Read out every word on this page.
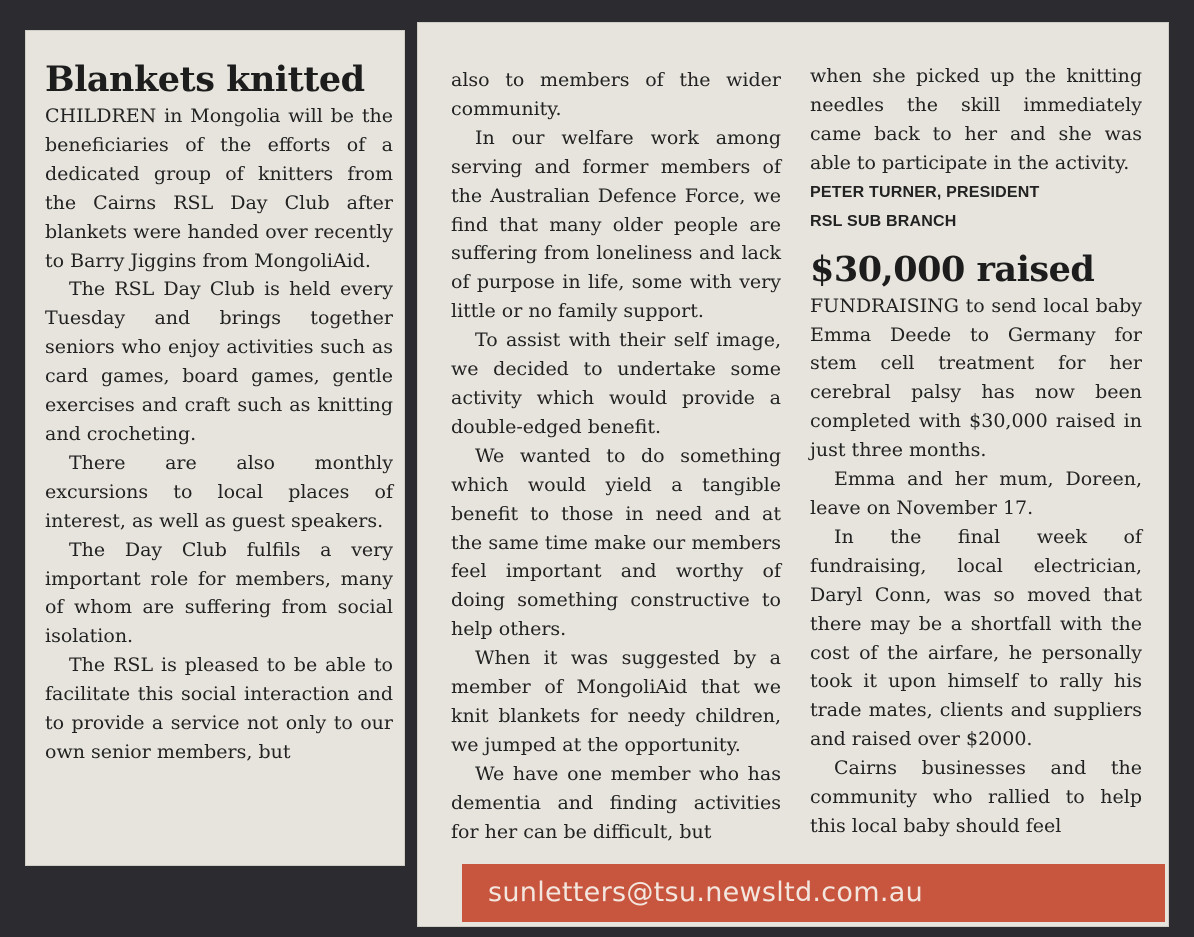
Blankets knitted

CHILDREN in Mongolia will be the beneficiaries of the efforts of a dedicated group of knitters from the Cairns RSL Day Club after blankets were handed over recently to Barry Jiggins from MongoliAid.

The RSL Day Club is held every Tuesday and brings together seniors who enjoy activities such as card games, board games, gentle exercises and craft such as knitting and crocheting.

There are also monthly excursions to local places of interest, as well as guest speakers.

The Day Club fulfils a very important role for members, many of whom are suffering from social isolation.

The RSL is pleased to be able to facilitate this social interaction and to provide a service not only to our own senior members, but

also to members of the wider community.

In our welfare work among serving and former members of the Australian Defence Force, we find that many older people are suffering from loneliness and lack of purpose in life, some with very little or no family support.

To assist with their self image, we decided to undertake some activity which would provide a double-edged benefit.

We wanted to do something which would yield a tangible benefit to those in need and at the same time make our members feel important and worthy of doing something constructive to help others.

When it was suggested by a member of MongoliAid that we knit blankets for needy children, we jumped at the opportunity.

We have one member who has dementia and finding activities for her can be difficult, but

when she picked up the knitting needles the skill immediately came back to her and she was able to participate in the activity.

PETER TURNER, PRESIDENT
RSL SUB BRANCH
$30,000 raised

FUNDRAISING to send local baby Emma Deede to Germany for stem cell treatment for her cerebral palsy has now been completed with $30,000 raised in just three months.

Emma and her mum, Doreen, leave on November 17.

In the final week of fundraising, local electrician, Daryl Conn, was so moved that there may be a shortfall with the cost of the airfare, he personally took it upon himself to rally his trade mates, clients and suppliers and raised over $2000.

Cairns businesses and the community who rallied to help this local baby should feel

sunletters@tsu.newsltd.com.au
